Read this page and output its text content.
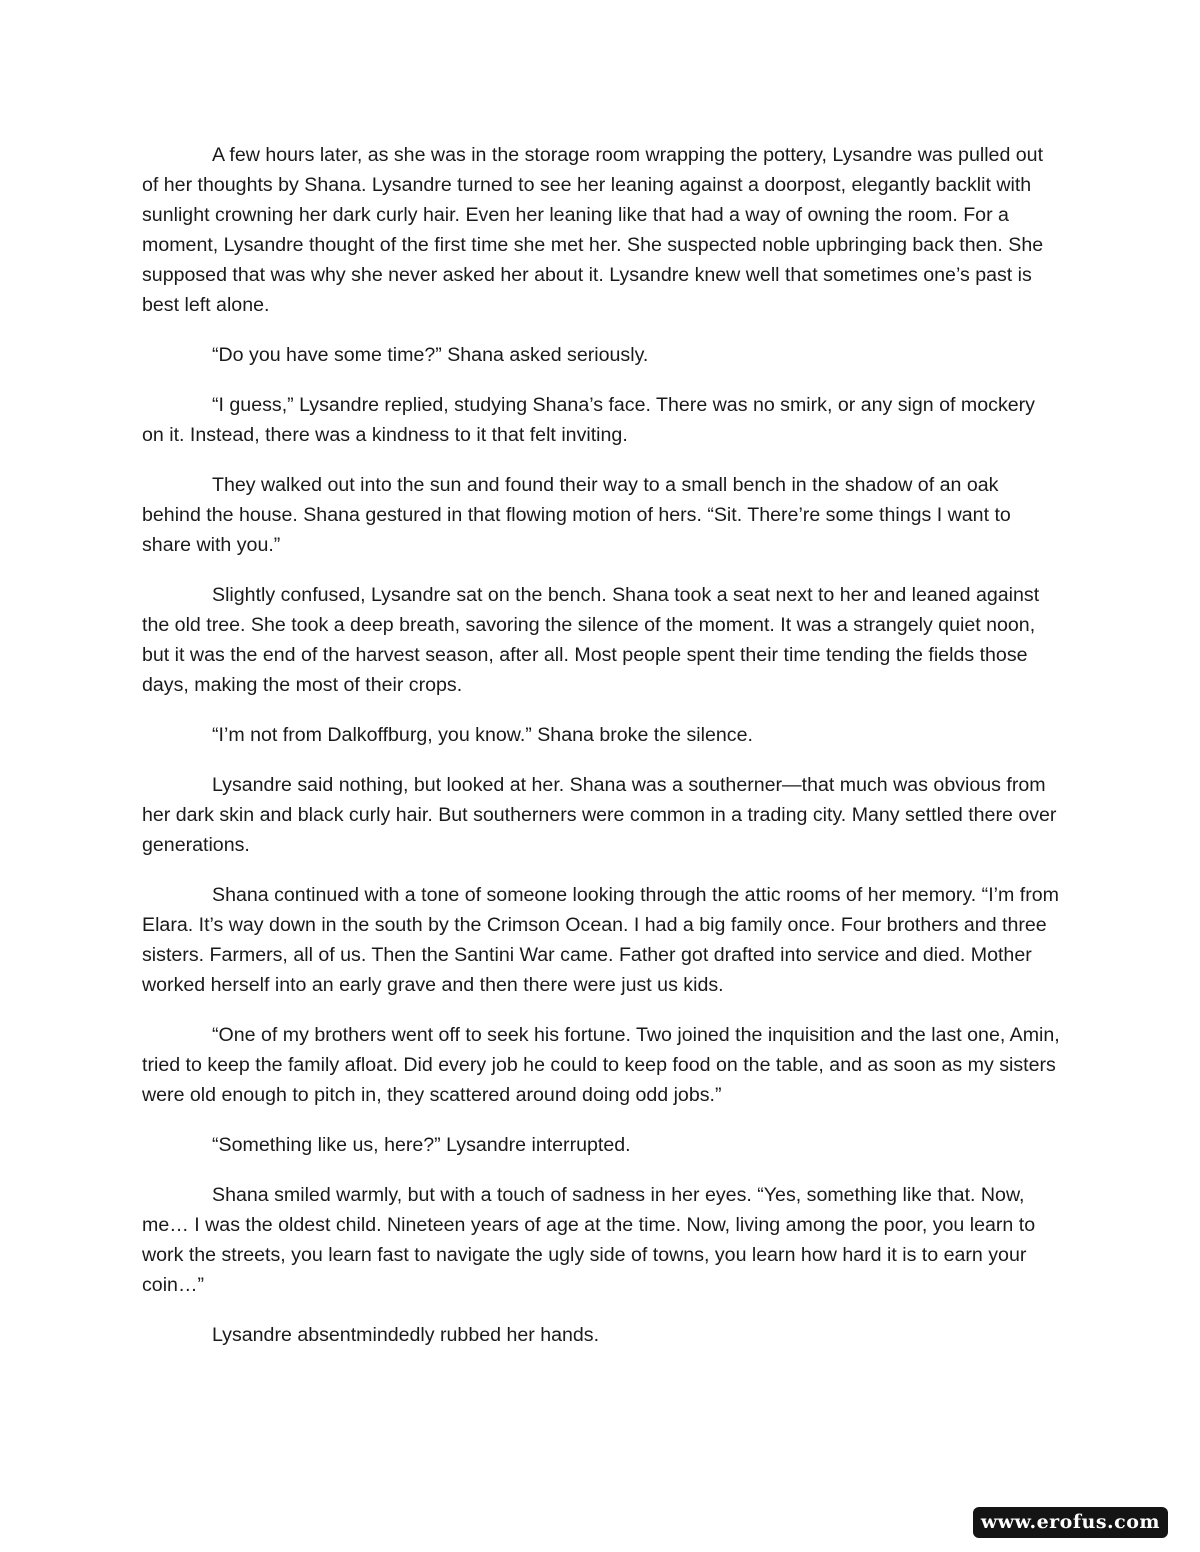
A few hours later, as she was in the storage room wrapping the pottery, Lysandre was pulled out of her thoughts by Shana. Lysandre turned to see her leaning against a doorpost, elegantly backlit with sunlight crowning her dark curly hair. Even her leaning like that had a way of owning the room. For a moment, Lysandre thought of the first time she met her. She suspected noble upbringing back then. She supposed that was why she never asked her about it. Lysandre knew well that sometimes one’s past is best left alone.

“Do you have some time?” Shana asked seriously.

“I guess,” Lysandre replied, studying Shana’s face. There was no smirk, or any sign of mockery on it. Instead, there was a kindness to it that felt inviting.

They walked out into the sun and found their way to a small bench in the shadow of an oak behind the house. Shana gestured in that flowing motion of hers. “Sit. There’re some things I want to share with you.”

Slightly confused, Lysandre sat on the bench. Shana took a seat next to her and leaned against the old tree. She took a deep breath, savoring the silence of the moment. It was a strangely quiet noon, but it was the end of the harvest season, after all. Most people spent their time tending the fields those days, making the most of their crops.

“I’m not from Dalkoffburg, you know.” Shana broke the silence.

Lysandre said nothing, but looked at her. Shana was a southerner—that much was obvious from her dark skin and black curly hair. But southerners were common in a trading city. Many settled there over generations.

Shana continued with a tone of someone looking through the attic rooms of her memory. “I’m from Elara. It’s way down in the south by the Crimson Ocean. I had a big family once. Four brothers and three sisters. Farmers, all of us. Then the Santini War came. Father got drafted into service and died. Mother worked herself into an early grave and then there were just us kids.

“One of my brothers went off to seek his fortune. Two joined the inquisition and the last one, Amin, tried to keep the family afloat. Did every job he could to keep food on the table, and as soon as my sisters were old enough to pitch in, they scattered around doing odd jobs.”

“Something like us, here?” Lysandre interrupted.

Shana smiled warmly, but with a touch of sadness in her eyes. “Yes, something like that. Now, me… I was the oldest child. Nineteen years of age at the time. Now, living among the poor, you learn to work the streets, you learn fast to navigate the ugly side of towns, you learn how hard it is to earn your coin…”

Lysandre absentmindedly rubbed her hands.

www.erofus.com
